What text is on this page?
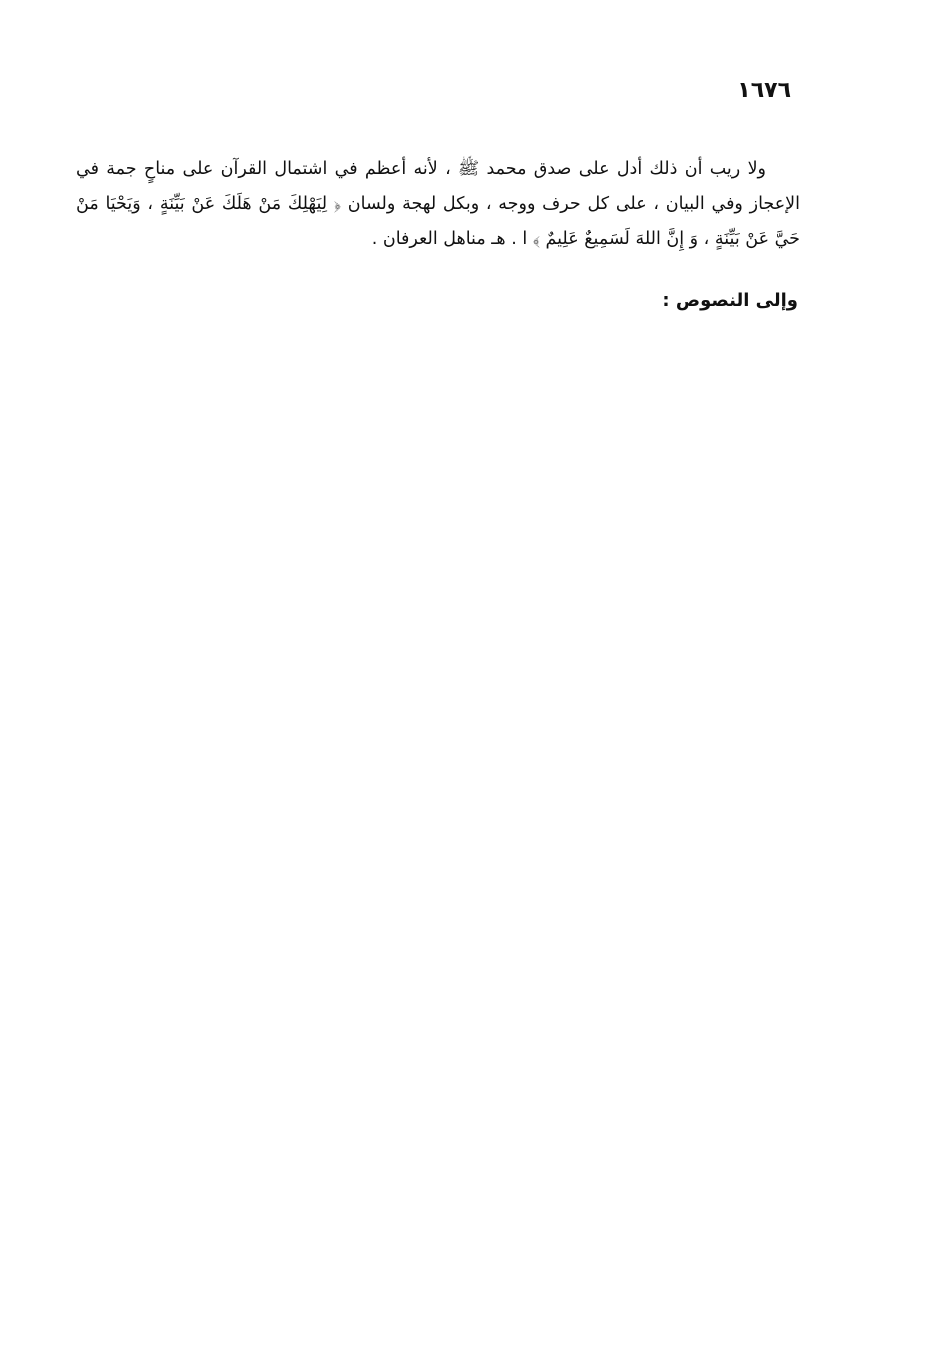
١٦٧٦

ولا ريب أن ذلك أدل على صدق محمد ﷺ ، لأنه أعظم في اشتمال القرآن على مناحٍ جمة في الإعجاز وفي البيان ، على كل حرف ووجه ، وبكل لهجة ولسان ﴿ لِيَهْلِكَ مَنْ هَلَكَ عَنْ بَيِّنَةٍ ، وَيَحْيَا مَنْ حَيَّ عَنْ بَيِّنَةٍ ، وَ إِنَّ اللهَ لَسَمِيعٌ عَلِيمٌ ﴾ ا . هـ مناهل العرفان .

وإلى النصوص :
